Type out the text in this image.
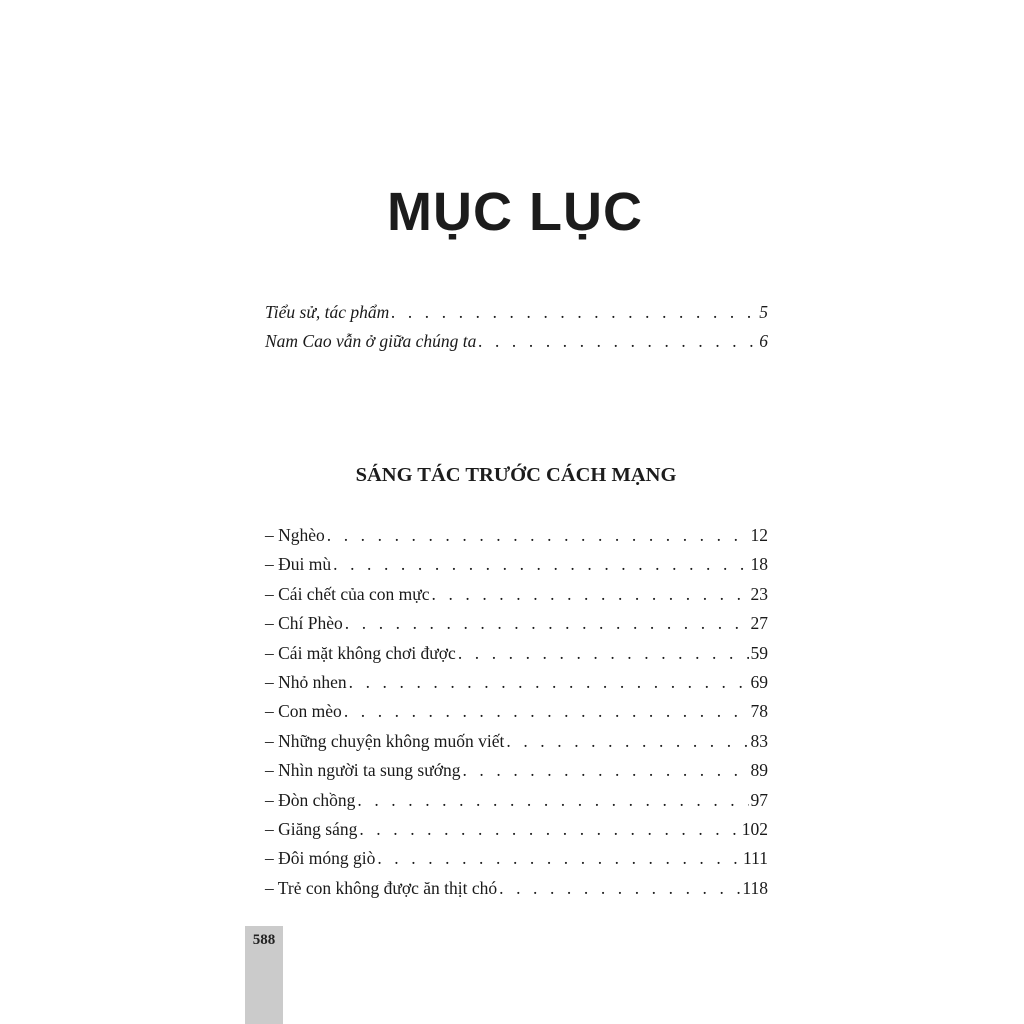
MỤC LỤC
Tiểu sử, tác phẩm . . .	5
Nam Cao vẫn ở giữa chúng ta . . .	6
SÁNG TÁC TRƯỚC CÁCH MẠNG
– Nghèo . . .	12
– Đui mù . . .	18
– Cái chết của con mực . . .	23
– Chí Phèo . . .	27
– Cái mặt không chơi được . . .	59
– Nhỏ nhen . . .	69
– Con mèo . . .	78
– Những chuyện không muốn viết . . .	83
– Nhìn người ta sung sướng . . .	89
– Đòn chồng . . .	97
– Giăng sáng . . .	102
– Đôi móng giò . . .	111
– Trẻ con không được ăn thịt chó . . .	118
588
